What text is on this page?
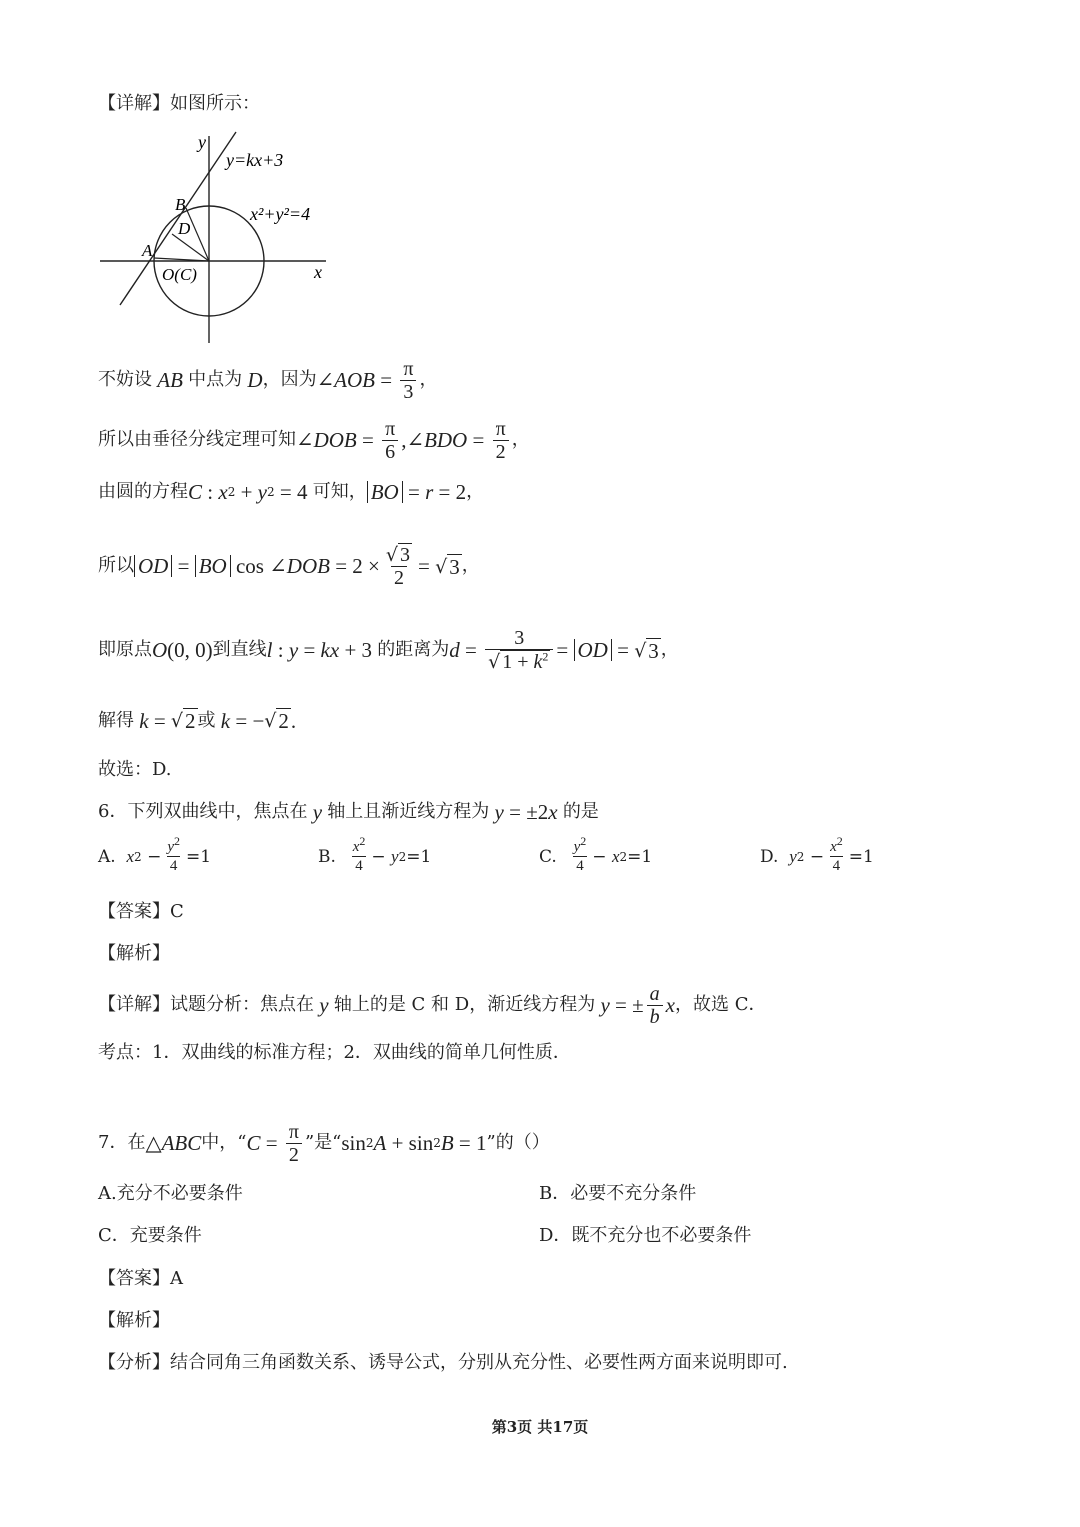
【详解】如图所示：
y
x
y=kx+3
x²+y²=4
B
D
A
O(C)
不妨设 AB 中点为 D ，因为 ∠AOB = $\frac{\pi}{3}$ ，
所以由垂径分线定理可知 ∠DOB = $\frac{\pi}{6}$ , ∠BDO = $\frac{\pi}{2}$ ，
由圆的方程 C : x 2 + y 2 = 4 可知， BO = r = 2 ，
所以 OD = BO cos ∠DOB = $2 \times \frac{√ 3}{2}$ = √ 3 ，
即原点 O (0, 0) 到直线 l : y = kx + 3 的距离为 $d = \frac{3}{√ 1 + k^2}$ = OD = √ 3 ，
解得 k = √ 2 或 k = − √ 2 .
故选：D.
6．下列双曲线中，焦点在 y 轴上且渐近线方程为 y = ±2 x 的是
A.
x $2 - \frac{y^2}{4} =1$	B.
$\frac{x^2}{4} - y$ 2 =1	C.
$\frac{y^2}{4} - x$ 2 =1	D.
y $2 - \frac{x^2}{4} =1$
【答案】C
【解析】
【详解】试题分析：焦点在 y 轴上的是 C 和 D，渐近线方程为 y = ± $\frac{a}{b}$ x ，故选 C．
考点：1．双曲线的标准方程；2．双曲线的简单几何性质．
7．在 △ ABC 中，“ $C = \frac{\pi}{2}$ ”是“ sin 2 A + sin 2 B = 1 ”的（）
A.充分不必要条件	B．必要不充分条件
C．充要条件	D．既不充分也不必要条件
【答案】A
【解析】
【分析】结合同角三角函数关系、诱导公式，分别从充分性、必要性两方面来说明即可.
第3页 共17页
